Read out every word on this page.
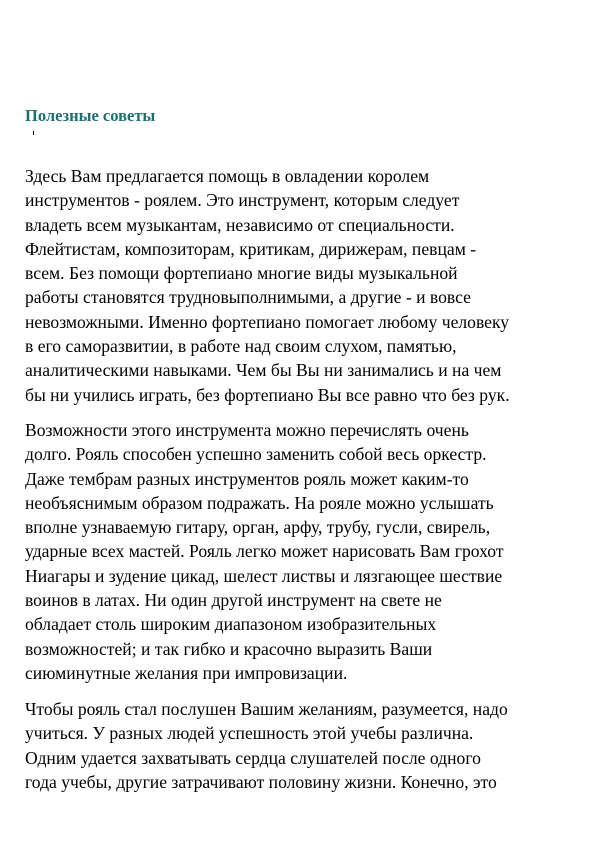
Полезные советы

Здесь Вам предлагается помощь в овладении королем
инструментов - роялем. Это инструмент, которым следует
владеть всем музыкантам, независимо от специальности.
Флейтистам, композиторам, критикам, дирижерам, певцам -
всем. Без помощи фортепиано многие виды музыкальной
работы становятся трудновыполнимыми, а другие - и вовсе
невозможными. Именно фортепиано помогает любому человеку
в его саморазвитии, в работе над своим слухом, памятью,
аналитическими навыками. Чем бы Вы ни занимались и на чем
бы ни учились играть, без фортепиано Вы все равно что без рук.

Возможности этого инструмента можно перечислять очень
долго. Рояль способен успешно заменить собой весь оркестр.
Даже тембрам разных инструментов рояль может каким-то
необъяснимым образом подражать. На рояле можно услышать
вполне узнаваемую гитару, орган, арфу, трубу, гусли, свирель,
ударные всех мастей. Рояль легко может нарисовать Вам грохот
Ниагары и зудение цикад, шелест листвы и лязгающее шествие
воинов в латах. Ни один другой инструмент на свете не
обладает столь широким диапазоном изобразительных
возможностей; и так гибко и красочно выразить Ваши
сиюминутные желания при импровизации.

Чтобы рояль стал послушен Вашим желаниям, разумеется, надо
учиться. У разных людей успешность этой учебы различна.
Одним удается захватывать сердца слушателей после одного
года учебы, другие затрачивают половину жизни. Конечно, это
